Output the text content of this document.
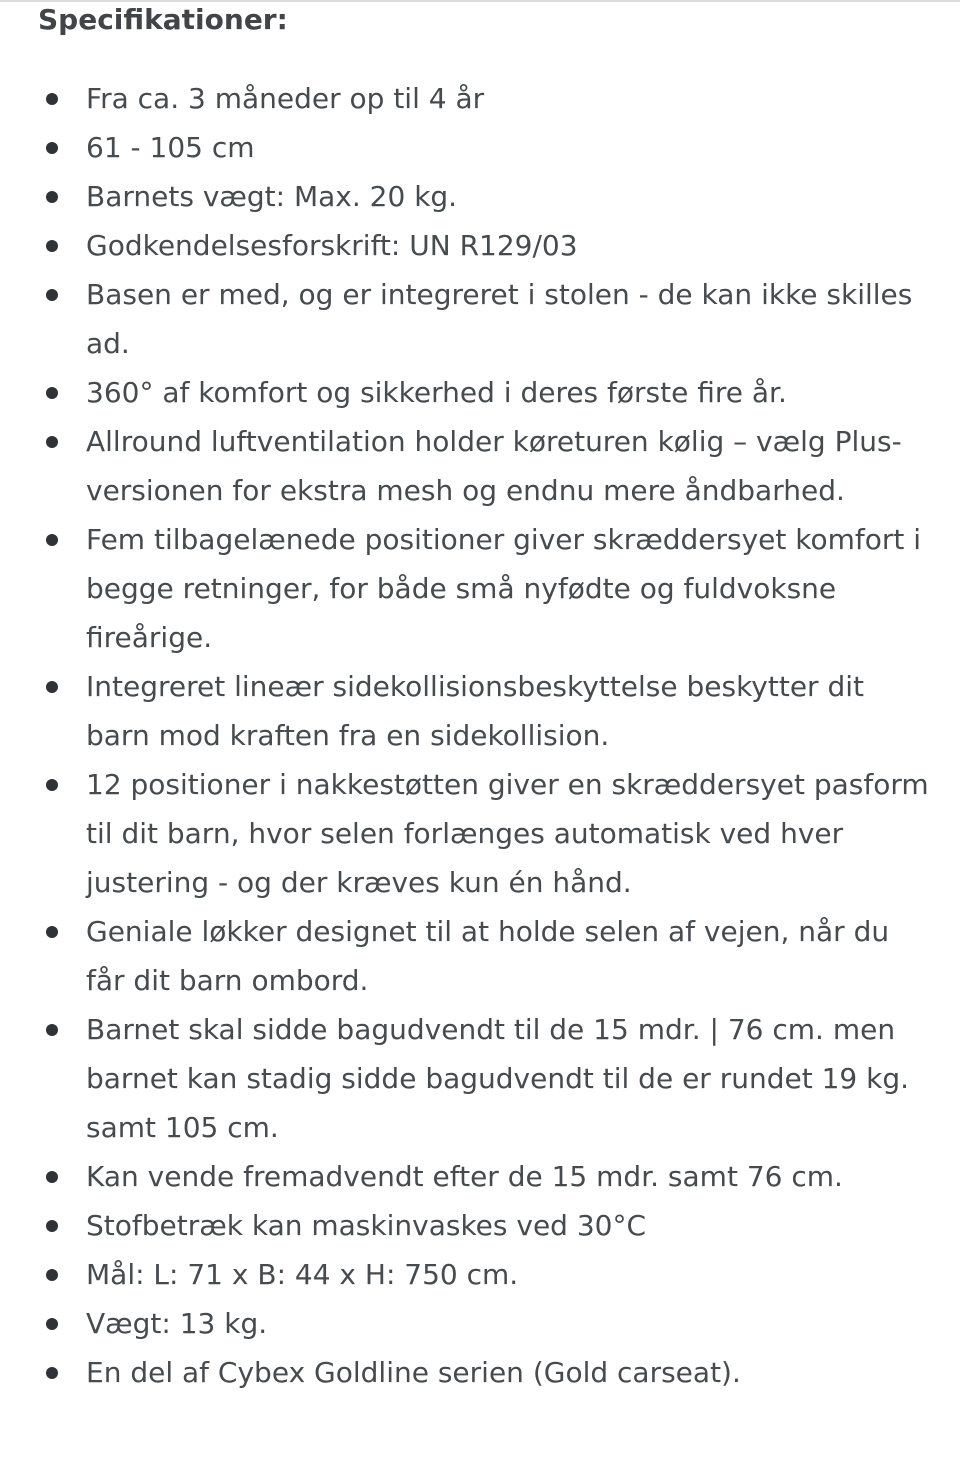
Specifikationer:
Fra ca. 3 måneder op til 4 år
61 - 105 cm
Barnets vægt: Max. 20 kg.
Godkendelsesforskrift: UN R129/03
Basen er med, og er integreret i stolen - de kan ikke skilles ad.
360° af komfort og sikkerhed i deres første fire år.
Allround luftventilation holder køreturen kølig – vælg Plus-versionen for ekstra mesh og endnu mere åndbarhed.
Fem tilbagelænede positioner giver skræddersyet komfort i begge retninger, for både små nyfødte og fuldvoksne fireårige.
Integreret lineær sidekollisionsbeskyttelse beskytter dit barn mod kraften fra en sidekollision.
12 positioner i nakkestøtten giver en skræddersyet pasform til dit barn, hvor selen forlænges automatisk ved hver justering - og der kræves kun én hånd.
Geniale løkker designet til at holde selen af vejen, når du får dit barn ombord.
Barnet skal sidde bagudvendt til de 15 mdr. | 76 cm. men barnet kan stadig sidde bagudvendt til de er rundet 19 kg. samt 105 cm.
Kan vende fremadvendt efter de 15 mdr. samt 76 cm.
Stofbetræk kan maskinvaskes ved 30°C
Mål: L: 71 x B: 44 x H: 750 cm.
Vægt: 13 kg.
En del af Cybex Goldline serien (Gold carseat).
